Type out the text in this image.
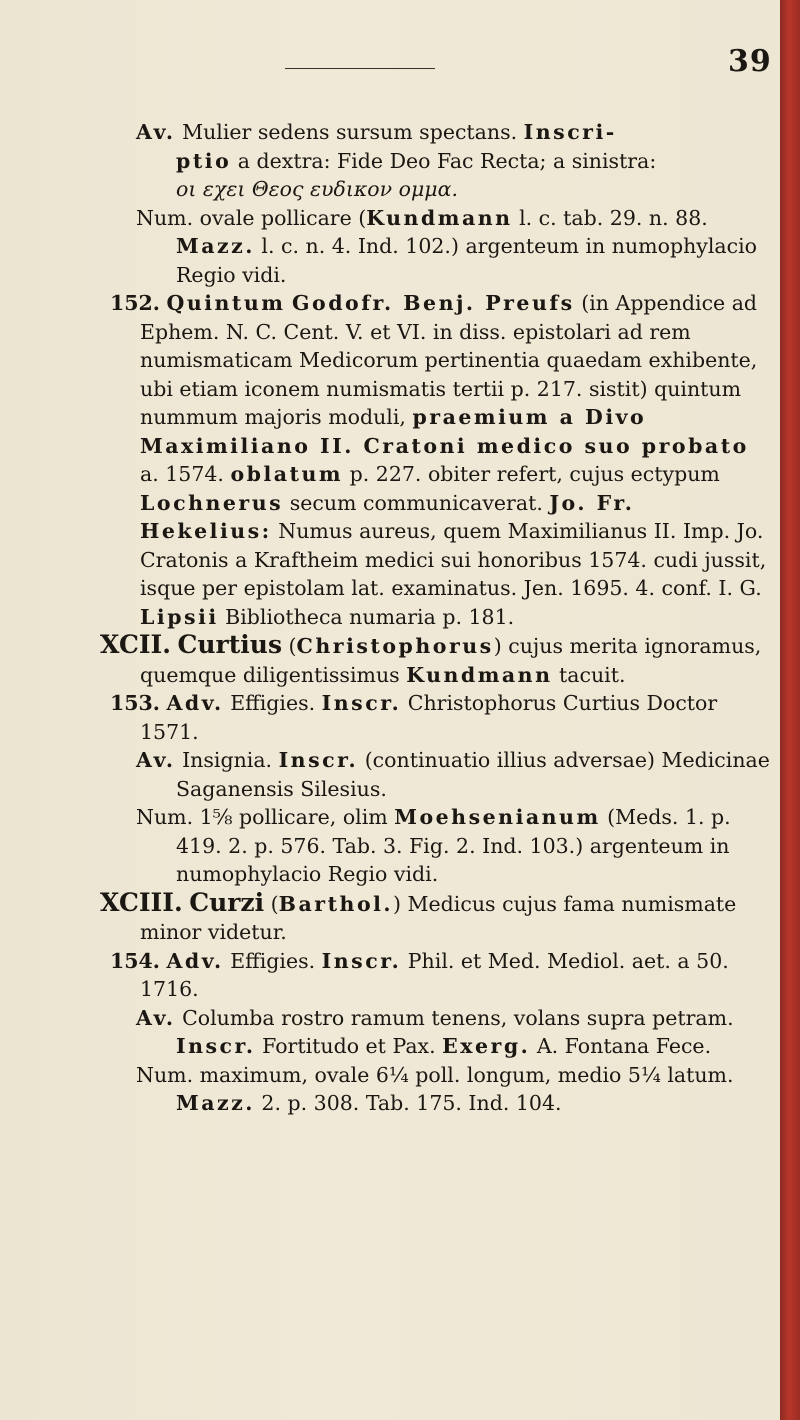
39

Av. Mulier sedens sursum spectans. Inscri-
ptio a dextra: Fide Deo Fac Recta; a sinistra:
οι εχει Θεος ευδικον ομμα.

Num. ovale pollicare (Kundmann l. c. tab. 29. n. 88. Mazz. l. c. n. 4. Ind. 102.) argenteum in numophylacio Regio vidi.

152. Quintum Godofr. Benj. Preufs (in Appendice ad Ephem. N. C. Cent. V. et VI. in diss. epistolari ad rem numismaticam Medicorum pertinentia quaedam exhibente, ubi etiam iconem numismatis tertii p. 217. sistit) quintum nummum majoris moduli, praemium a Divo Maximiliano II. Cratoni medico suo probato a. 1574. oblatum p. 227. obiter refert, cujus ectypum Lochnerus secum communicaverat. Jo. Fr. Hekelius: Numus aureus, quem Maximilianus II. Imp. Jo. Cratonis a Kraftheim medici sui honoribus 1574. cudi jussit, isque per epistolam lat. examinatus. Jen. 1695. 4. conf. I. G. Lipsii Bibliotheca numaria p. 181.

XCII. Curtius (Christophorus) cujus merita ignoramus, quemque diligentissimus Kundmann tacuit.

153. Adv. Effigies. Inscr. Christophorus Curtius Doctor 1571.

Av. Insignia. Inscr. (continuatio illius adversae) Medicinae Saganensis Silesius.

Num. 1⅝ pollicare, olim Moehsenianum (Meds. 1. p. 419. 2. p. 576. Tab. 3. Fig. 2. Ind. 103.) argenteum in numophylacio Regio vidi.

XCIII. Curzi (Barthol.) Medicus cujus fama numismate minor videtur.

154. Adv. Effigies. Inscr. Phil. et Med. Mediol. aet. a 50. 1716.

Av. Columba rostro ramum tenens, volans supra petram. Inscr. Fortitudo et Pax. Exerg. A. Fontana Fece.

Num. maximum, ovale 6¼ poll. longum, medio 5¼ latum. Mazz. 2. p. 308. Tab. 175. Ind. 104.
